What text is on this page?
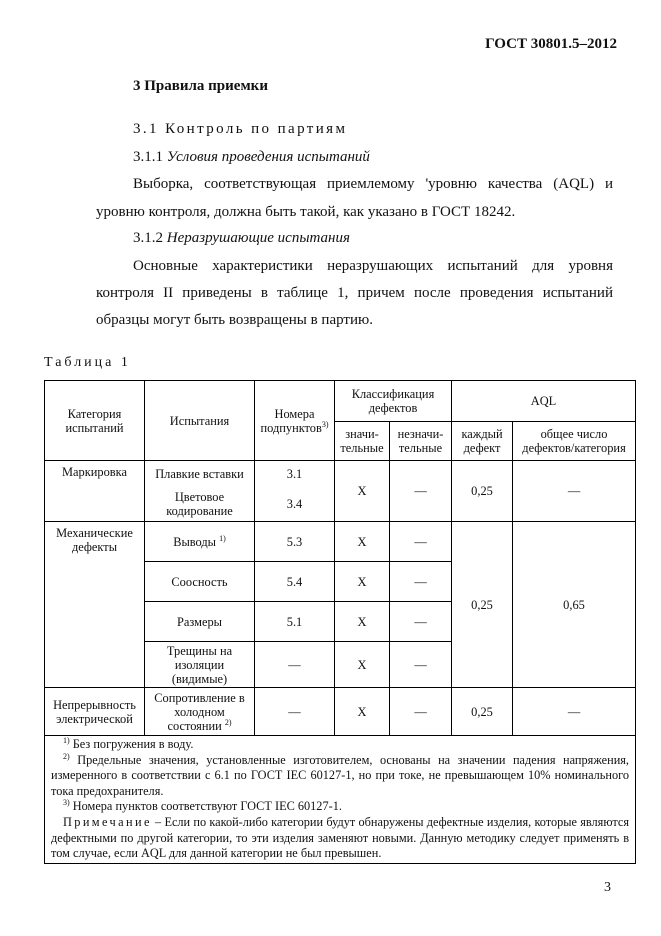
ГОСТ 30801.5–2012
3 Правила приемки
3.1 Контроль по партиям
3.1.1 Условия проведения испытаний
Выборка, соответствующая приемлемому 'уровню качества (AQL) и
уровню контроля, должна быть такой, как указано в ГОСТ 18242.
3.1.2 Неразрушающие испытания
Основные характеристики неразрушающих испытаний для уровня
контроля II приведены в таблице 1, причем после проведения испытаний
образцы могут быть возвращены в партию.
Таблица 1
Категория испытаний	Испытания	Номера подпунктов$^{3)}$	Классификация дефектов		AQL	
			значи-тельные	незначи-тельные	каждый дефект	общее число дефектов/категория
Маркировка	Плавкие вставки	3.1	X	—	0,25	—
	Цветовое кодирование	3.4				
Механические дефекты	Выводы $^{1)}$	5.3	X	—	0,25	0,65
	Соосность	5.4	X	—		
	Размеры	5.1	X	—		
	Трещины на изоляции (видимые)	—	X	—		
Непрерывность электрической	Сопротивление в холодном состоянии $^{2)}$	—	X	—	0,25	—

$^{1)}$ Без погружения в воду.
$^{2)}$ Предельные значения, установленные изготовителем, основаны на значении падения напряжения, измеренного в соответствии с 6.1 по ГОСТ IEC 60127-1, но при токе, не превышающем 10% номинального тока предохранителя.
$^{3)}$ Номера пунктов соответствуют ГОСТ IEC 60127-1.
Примечание – Если по какой-либо категории будут обнаружены дефектные изделия, которые являются дефектными по другой категории, то эти изделия заменяют новыми. Данную методику следует применять в том случае, если AQL для данной категории не был превышен.						
3
